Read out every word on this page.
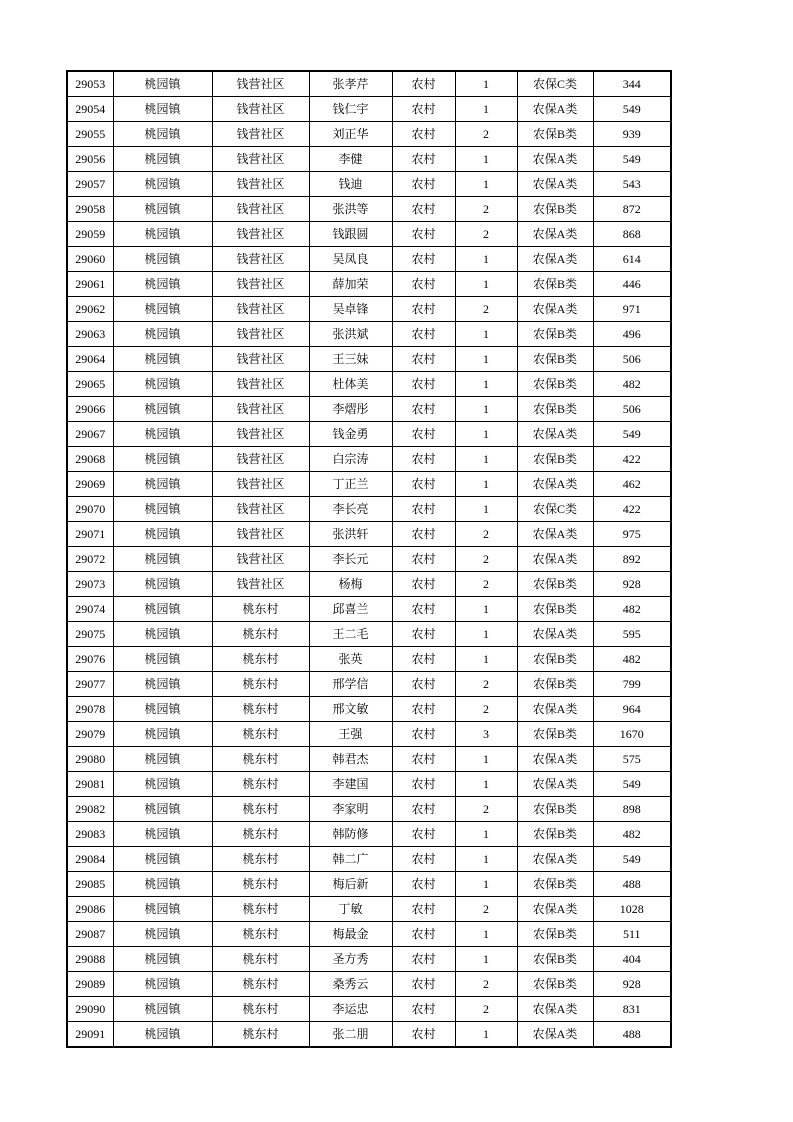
29053	桃园镇	钱营社区	张孝芹	农村	1	农保C类	344
29054	桃园镇	钱营社区	钱仁宇	农村	1	农保A类	549
29055	桃园镇	钱营社区	刘正华	农村	2	农保B类	939
29056	桃园镇	钱营社区	李健	农村	1	农保A类	549
29057	桃园镇	钱营社区	钱迪	农村	1	农保A类	543
29058	桃园镇	钱营社区	张洪等	农村	2	农保B类	872
29059	桃园镇	钱营社区	钱跟圆	农村	2	农保A类	868
29060	桃园镇	钱营社区	吴凤良	农村	1	农保A类	614
29061	桃园镇	钱营社区	薛加荣	农村	1	农保B类	446
29062	桃园镇	钱营社区	吴卓锋	农村	2	农保A类	971
29063	桃园镇	钱营社区	张洪斌	农村	1	农保B类	496
29064	桃园镇	钱营社区	王三妹	农村	1	农保B类	506
29065	桃园镇	钱营社区	杜体美	农村	1	农保B类	482
29066	桃园镇	钱营社区	李熠彤	农村	1	农保B类	506
29067	桃园镇	钱营社区	钱金勇	农村	1	农保A类	549
29068	桃园镇	钱营社区	白宗涛	农村	1	农保B类	422
29069	桃园镇	钱营社区	丁正兰	农村	1	农保A类	462
29070	桃园镇	钱营社区	李长亮	农村	1	农保C类	422
29071	桃园镇	钱营社区	张洪轩	农村	2	农保A类	975
29072	桃园镇	钱营社区	李长元	农村	2	农保A类	892
29073	桃园镇	钱营社区	杨梅	农村	2	农保B类	928
29074	桃园镇	桃东村	邱喜兰	农村	1	农保B类	482
29075	桃园镇	桃东村	王二毛	农村	1	农保A类	595
29076	桃园镇	桃东村	张英	农村	1	农保B类	482
29077	桃园镇	桃东村	邢学信	农村	2	农保B类	799
29078	桃园镇	桃东村	邢文敏	农村	2	农保A类	964
29079	桃园镇	桃东村	王强	农村	3	农保B类	1670
29080	桃园镇	桃东村	韩君杰	农村	1	农保A类	575
29081	桃园镇	桃东村	李建国	农村	1	农保A类	549
29082	桃园镇	桃东村	李家明	农村	2	农保B类	898
29083	桃园镇	桃东村	韩防修	农村	1	农保B类	482
29084	桃园镇	桃东村	韩二广	农村	1	农保A类	549
29085	桃园镇	桃东村	梅后新	农村	1	农保B类	488
29086	桃园镇	桃东村	丁敏	农村	2	农保A类	1028
29087	桃园镇	桃东村	梅最金	农村	1	农保B类	511
29088	桃园镇	桃东村	圣方秀	农村	1	农保B类	404
29089	桃园镇	桃东村	桑秀云	农村	2	农保B类	928
29090	桃园镇	桃东村	李运忠	农村	2	农保A类	831
29091	桃园镇	桃东村	张二朋	农村	1	农保A类	488
